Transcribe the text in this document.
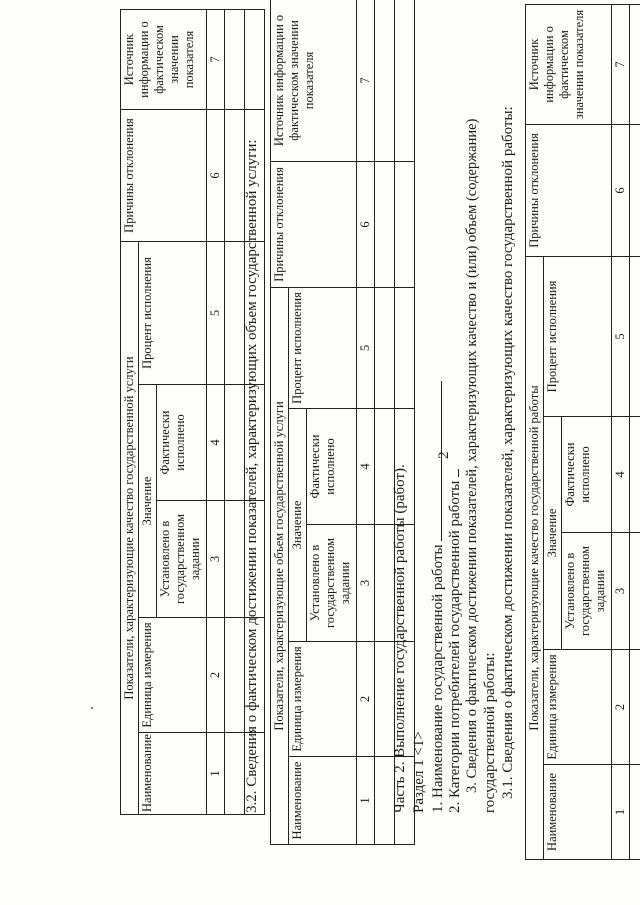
2
Показатели, характеризующие качество государственной услуги					Причины отклонения	Источник информации о фактическом значении показателя
Наименование	Единица измерения	Значение		Процент исполнения		
		Установлено в государственном задании	Фактически исполнено			
1	2	3	4	5	6	7

3.2. Сведения о фактическом достижении показателей, характеризующих объем государственной услуги: Показатели, характеризующие объем государственной услуги					Причины отклонения	Источник информации о фактическом значении показателя
Наименование	Единица измерения	Значение		Процент исполнения		
		Установлено в государственном задании	Фактически исполнено			
1	2	3	4	5	6	7

Часть 2. Выполнение государственной работы (работ). Раздел 1 <1> 1. Наименование государственной работы 2. Категории потребителей государственной работы 3. Сведения о фактическом достижении показателей, характеризующих качество и (или) объем (содержание) государственной работы: 3.1. Сведения о фактическом достижении показателей, характеризующих качество государственной работы: Показатели, характеризующие качество государственной работы					Причины отклонения	Источник информации о фактическом значении показателя
Наименование	Единица измерения	Значение		Процент исполнения		
		Установлено в государственном задании	Фактически исполнено			
1	2	3	4	5	6	7
